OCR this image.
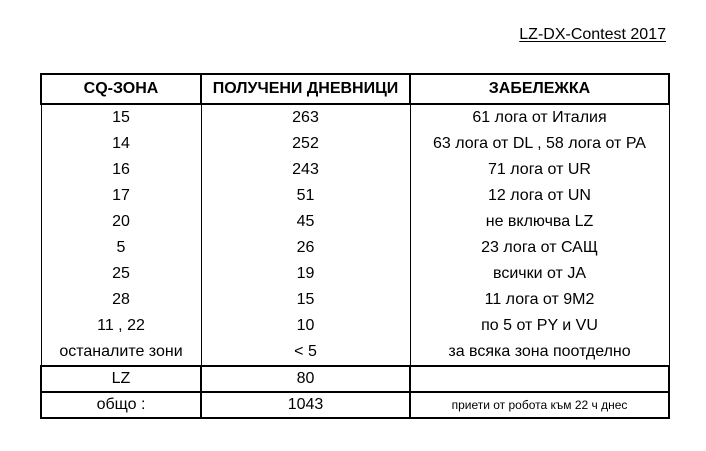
LZ-DX-Contest 2017
CQ-ЗОНА	ПОЛУЧЕНИ ДНЕВНИЦИ	ЗАБЕЛЕЖКА
15	263	61 лога от Италия
14	252	63 лога от DL , 58 лога от PA
16	243	71 лога от UR
17	51	12 лога от UN
20	45	не включва LZ
5	26	23 лога от САЩ
25	19	всички от JA
28	15	11 лога от 9M2
11 , 22	10	по 5 от PY и VU
останалите зони	< 5	за всяка зона поотделно
LZ	80	
общо :	1043	приети от робота към 22 ч днес
